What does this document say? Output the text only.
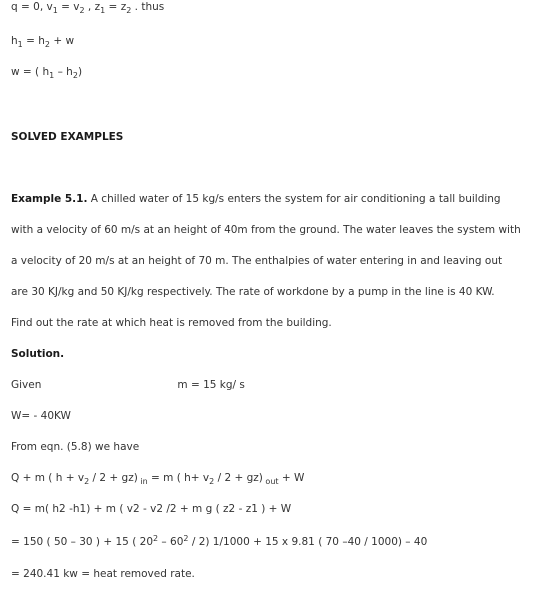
q = 0, $v_1 = v_2$ , $z_1 = z_2$ . thus
$h_1 = h_2 + w$
w = ( $h_1 - h_2$)
SOLVED EXAMPLES
Example 5.1. A chilled water of 15 kg/s enters the system for air conditioning a tall building
with a velocity of 60 m/s at an height of 40m from the ground. The water leaves the system with
a velocity of 20 m/s at an height of 70 m. The enthalpies of water entering in and leaving out
are 30 KJ/kg and 50 KJ/kg respectively. The rate of workdone by a pump in the line is 40 KW.
Find out the rate at which heat is removed from the building.
Solution.
Given	m = 15 kg/ s
W= - 40KW
From eqn. (5.8) we have
Q + m ( $h + v_2 / 2 + gz$) $_{in}$ = m ( $h+ v_2 / 2 + gz$) $_{out}$ + W
Q = m( h2 -h1) + m ( v2 - v2 /2 + m g ( z2 - z1 ) + W
= 150 ( 50 – 30 ) + 15 ( $20^2 - 60^2 / 2$) 1/1000 + 15 x 9.81 ( 70 –40 / 1000) – 40
= 240.41 kw = heat removed rate.
